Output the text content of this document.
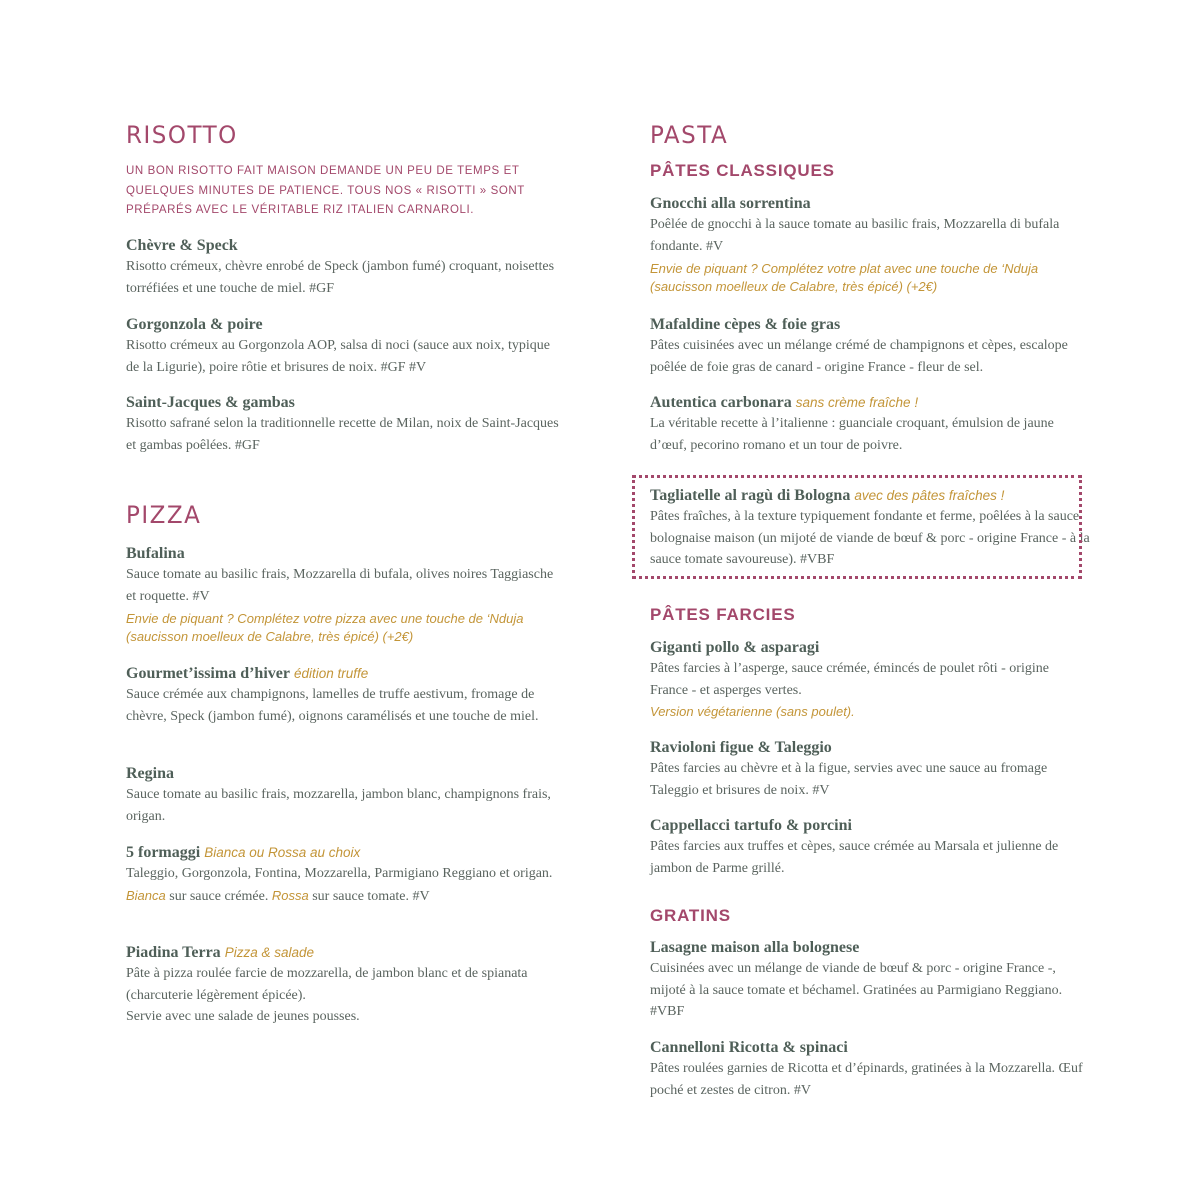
RISOTTO

UN BON RISOTTO FAIT MAISON DEMANDE UN PEU DE TEMPS ET QUELQUES MINUTES DE PATIENCE. TOUS NOS « RISOTTI » SONT PRÉPARÉS AVEC LE VÉRITABLE RIZ ITALIEN CARNAROLI.

Chèvre & Speck

Risotto crémeux, chèvre enrobé de Speck (jambon fumé) croquant, noisettes torréfiées et une touche de miel. #GF

Gorgonzola & poire

Risotto crémeux au Gorgonzola AOP, salsa di noci (sauce aux noix, typique de la Ligurie), poire rôtie et brisures de noix. #GF #V

Saint-Jacques & gambas

Risotto safrané selon la traditionnelle recette de Milan, noix de Saint-Jacques et gambas poêlées. #GF

PIZZA

Bufalina

Sauce tomate au basilic frais, Mozzarella di bufala, olives noires Taggiasche et roquette. #V

Envie de piquant ? Complétez votre pizza avec une touche de ‘Nduja (saucisson moelleux de Calabre, très épicé) (+2€)

Gourmet’issima d’hiver édition truffe

Sauce crémée aux champignons, lamelles de truffe aestivum, fromage de chèvre, Speck (jambon fumé), oignons caramélisés et une touche de miel.

Regina

Sauce tomate au basilic frais, mozzarella, jambon blanc, champignons frais, origan.

5 formaggi Bianca ou Rossa au choix

Taleggio, Gorgonzola, Fontina, Mozzarella, Parmigiano Reggiano et origan.

Bianca sur sauce crémée. Rossa sur sauce tomate. #V

Piadina Terra Pizza & salade

Pâte à pizza roulée farcie de mozzarella, de jambon blanc et de spianata (charcuterie légèrement épicée).

Servie avec une salade de jeunes pousses.

PASTA
PÂTES CLASSIQUES

Gnocchi alla sorrentina

Poêlée de gnocchi à la sauce tomate au basilic frais, Mozzarella di bufala fondante. #V

Envie de piquant ? Complétez votre plat avec une touche de ‘Nduja (saucisson moelleux de Calabre, très épicé) (+2€)

Mafaldine cèpes & foie gras

Pâtes cuisinées avec un mélange crémé de champignons et cèpes, escalope poêlée de foie gras de canard - origine France - fleur de sel.

Autentica carbonara sans crème fraîche !

La véritable recette à l’italienne : guanciale croquant, émulsion de jaune d’œuf, pecorino romano et un tour de poivre.

Tagliatelle al ragù di Bologna avec des pâtes fraîches !

Pâtes fraîches, à la texture typiquement fondante et ferme, poêlées à la sauce bolognaise maison (un mijoté de viande de bœuf & porc - origine France - à la sauce tomate savoureuse). #VBF

PÂTES FARCIES

Giganti pollo & asparagi

Pâtes farcies à l’asperge, sauce crémée, émincés de poulet rôti - origine France - et asperges vertes.

Version végétarienne (sans poulet).

Ravioloni figue & Taleggio

Pâtes farcies au chèvre et à la figue, servies avec une sauce au fromage Taleggio et brisures de noix. #V

Cappellacci tartufo & porcini

Pâtes farcies aux truffes et cèpes, sauce crémée au Marsala et julienne de jambon de Parme grillé.

GRATINS

Lasagne maison alla bolognese

Cuisinées avec un mélange de viande de bœuf & porc - origine France -, mijoté à la sauce tomate et béchamel. Gratinées au Parmigiano Reggiano. #VBF

Cannelloni Ricotta & spinaci

Pâtes roulées garnies de Ricotta et d’épinards, gratinées à la Mozzarella. Œuf poché et zestes de citron. #V
